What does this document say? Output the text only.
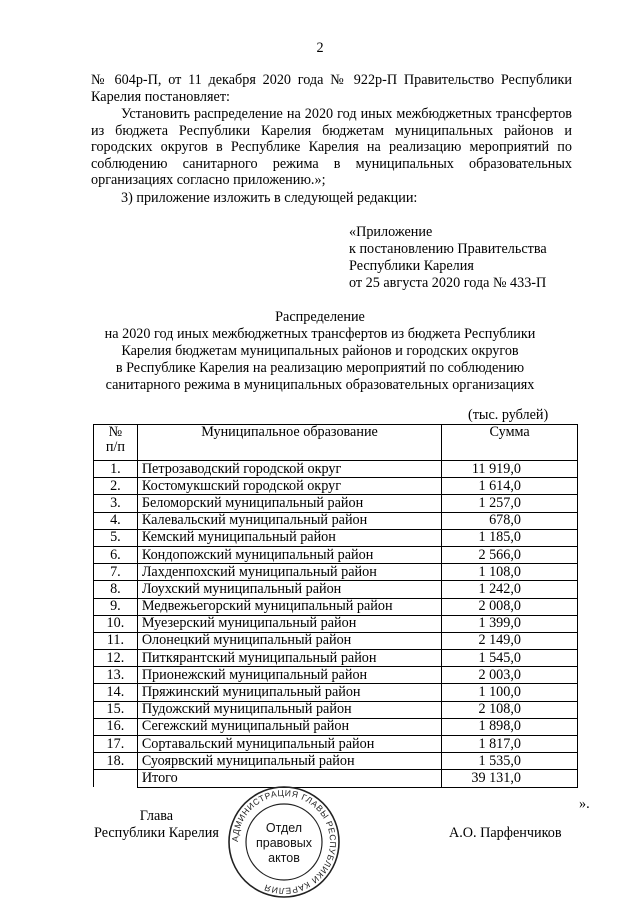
2
№ 604р-П, от 11 декабря 2020 года № 922р-П Правительство Республики
Карелия постановляет:
Установить распределение на 2020 год иных межбюджетных трансфертов из бюджета Республики Карелия бюджетам муниципальных районов и городских округов в Республике Карелия на реализацию мероприятий по соблюдению санитарного режима в муниципальных образовательных организациях согласно приложению.»;
3) приложение изложить в следующей редакции:
«Приложение
к постановлению Правительства
Республики Карелия
от 25 августа 2020 года № 433-П
Распределение
на 2020 год иных межбюджетных трансфертов из бюджета Республики
Карелия бюджетам муниципальных районов и городских округов
в Республике Карелия на реализацию мероприятий по соблюдению
санитарного режима в муниципальных образовательных организациях
(тыс. рублей)
№
п/п	Муниципальное образование	Сумма
1.	Петрозаводский городской округ	11 919,0
2.	Костомукшский городской округ	1 614,0
3.	Беломорский муниципальный район	1 257,0
4.	Калевальский муниципальный район	678,0
5.	Кемский муниципальный район	1 185,0
6.	Кондопожский муниципальный район	2 566,0
7.	Лахденпохский муниципальный район	1 108,0
8.	Лоухский муниципальный район	1 242,0
9.	Медвежьегорский муниципальный район	2 008,0
10.	Муезерский муниципальный район	1 399,0
11.	Олонецкий муниципальный район	2 149,0
12.	Питкярантский муниципальный район	1 545,0
13.	Прионежский муниципальный район	2 003,0
14.	Пряжинский муниципальный район	1 100,0
15.	Пудожский муниципальный район	2 108,0
16.	Сегежский муниципальный район	1 898,0
17.	Сортавальский муниципальный район	1 817,0
18.	Суоярвский муниципальный район	1 535,0
	Итого	39 131,0
».
Глава
Республики Карелия	А.О. Парфенчиков
АДМИНИСТРАЦИЯ ГЛАВЫ РЕСПУБЛИКИ КАРЕЛИЯ
Отдел
правовых
актов
